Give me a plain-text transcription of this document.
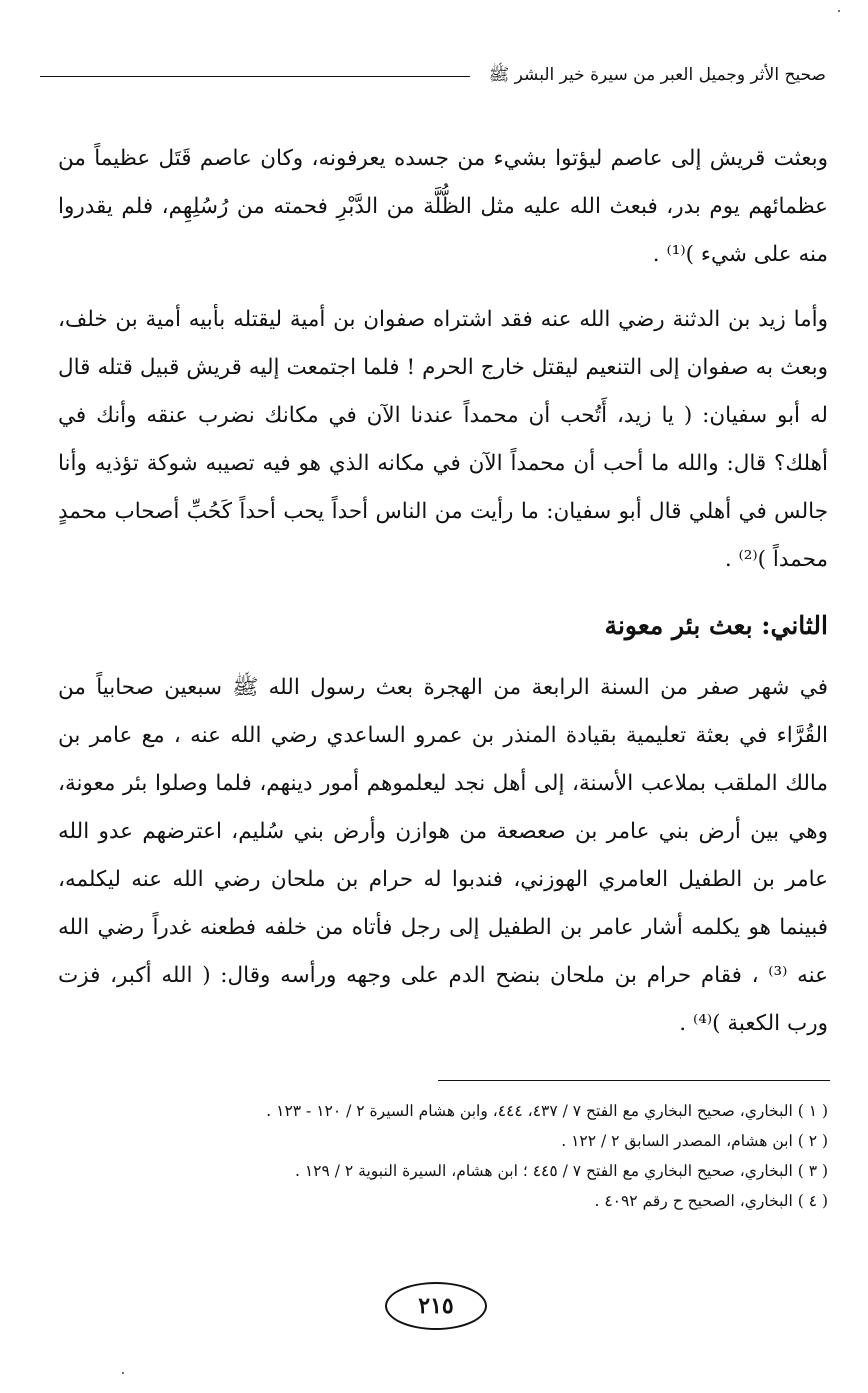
صحيح الأثر وجميل العبر من سيرة خير البشر ﷺ

وبعثت قريش إلى عاصم ليؤتوا بشيء من جسده يعرفونه، وكان عاصم قَتَل عظيماً من عظمائهم يوم بدر، فبعث الله عليه مثل الظُّلَّة من الدَّبْرِ فحمته من رُسُلِهِم، فلم يقدروا منه على شيء )⁽¹⁾ .

وأما زيد بن الدثنة رضي الله عنه فقد اشتراه صفوان بن أمية ليقتله بأبيه أمية بن خلف، وبعث به صفوان إلى التنعيم ليقتل خارج الحرم ! فلما اجتمعت إليه قريش قبيل قتله قال له أبو سفيان: ( يا زيد، أَتُحب أن محمداً عندنا الآن في مكانك نضرب عنقه وأنك في أهلك؟ قال: والله ما أحب أن محمداً الآن في مكانه الذي هو فيه تصيبه شوكة تؤذيه وأنا جالس في أهلي قال أبو سفيان: ما رأيت من الناس أحداً يحب أحداً كَحُبِّ أصحاب محمدٍ محمداً )⁽²⁾ .

الثاني: بعث بئر معونة

في شهر صفر من السنة الرابعة من الهجرة بعث رسول الله ﷺ سبعين صحابياً من القُرَّاء في بعثة تعليمية بقيادة المنذر بن عمرو الساعدي رضي الله عنه ، مع عامر بن مالك الملقب بملاعب الأسنة، إلى أهل نجد ليعلموهم أمور دينهم، فلما وصلوا بئر معونة، وهي بين أرض بني عامر بن صعصعة من هوازن وأرض بني سُليم، اعترضهم عدو الله عامر بن الطفيل العامري الهوزني، فندبوا له حرام بن ملحان رضي الله عنه ليكلمه، فبينما هو يكلمه أشار عامر بن الطفيل إلى رجل فأتاه من خلفه فطعنه غدراً رضي الله عنه ⁽³⁾ ، فقام حرام بن ملحان بنضح الدم على وجهه ورأسه وقال: ( الله أكبر، فزت ورب الكعبة )⁽⁴⁾ .

( ١ ) البخاري، صحيح البخاري مع الفتح ٧ / ٤٣٧، ٤٤٤، وابن هشام السيرة ٢ / ١٢٠ - ١٢٣ .
( ٢ ) ابن هشام، المصدر السابق ٢ / ١٢٢ .
( ٣ ) البخاري، صحيح البخاري مع الفتح ٧ / ٤٤٥ ؛ ابن هشام، السيرة النبوية ٢ / ١٢٩ .
( ٤ ) البخاري، الصحيح ح رقم ٤٠٩٢ .
٢١٥
